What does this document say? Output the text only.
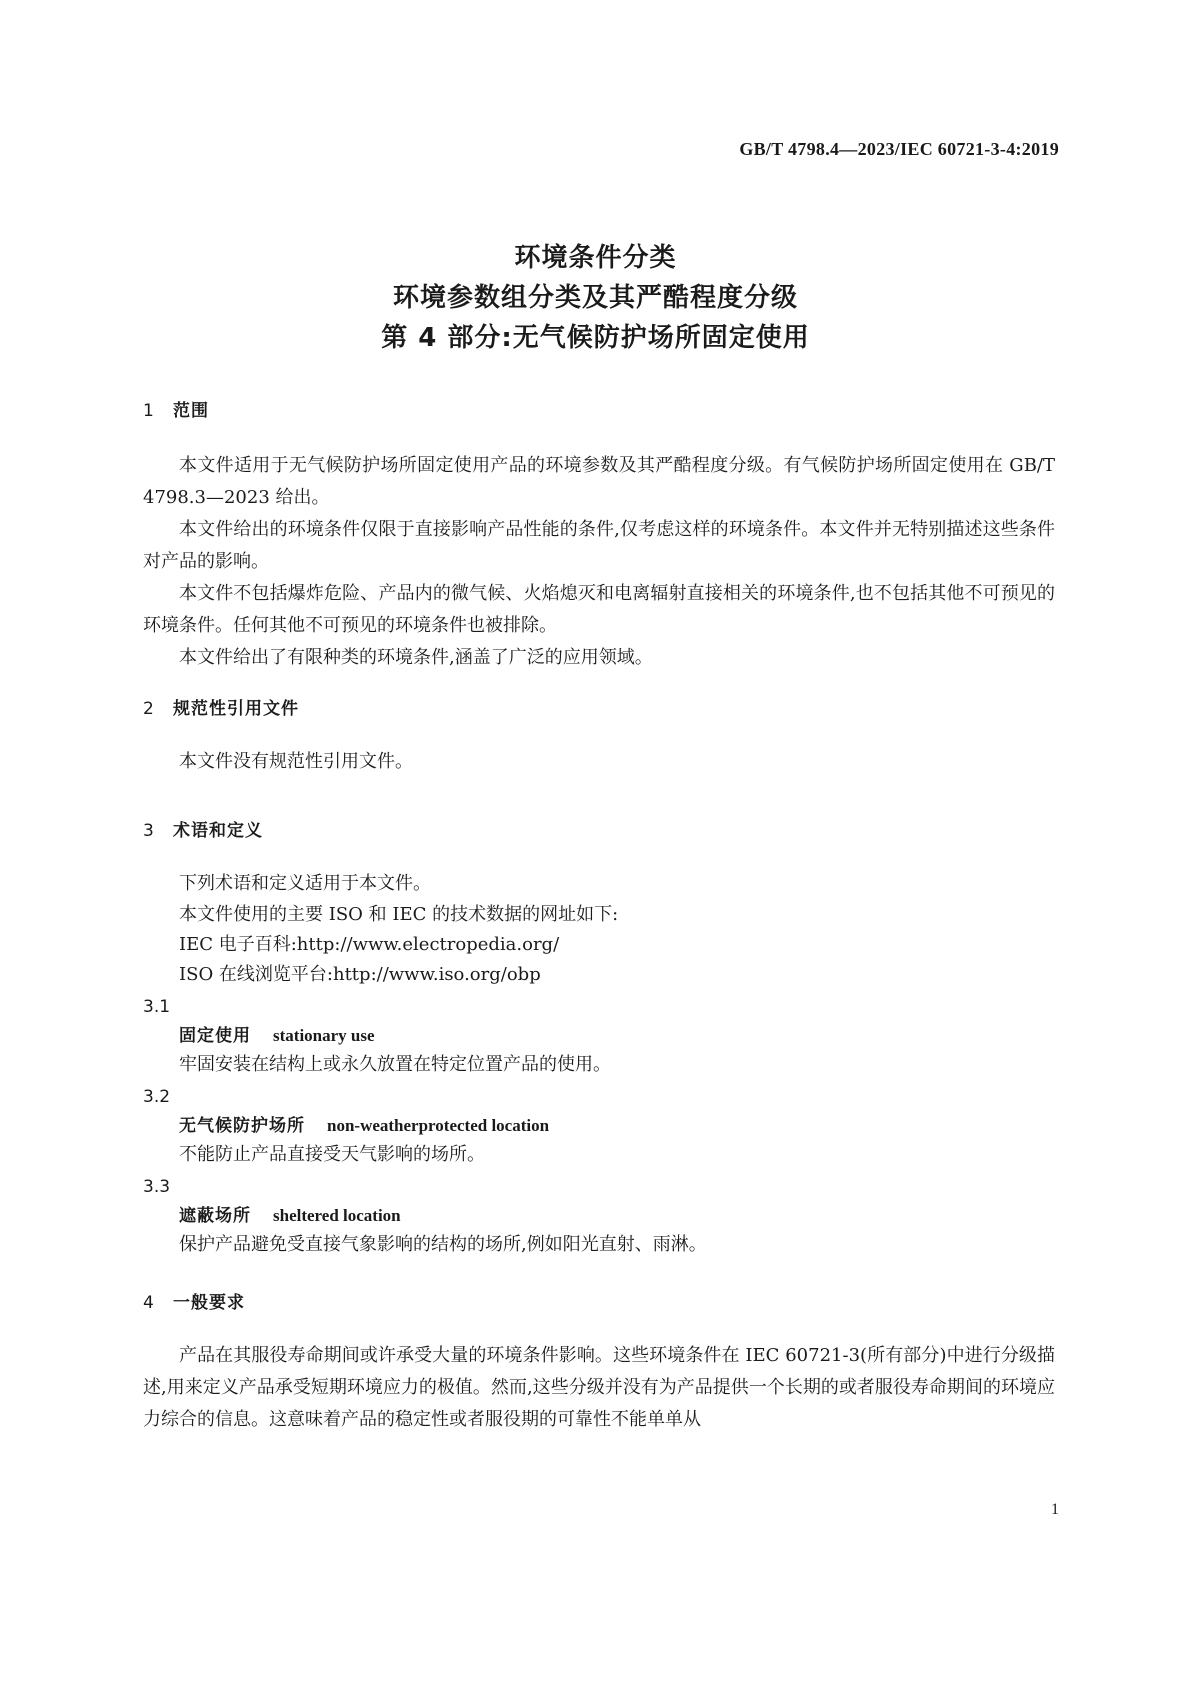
GB/T 4798.4—2023/IEC 60721-3-4:2019
环境条件分类
环境参数组分类及其严酷程度分级
第 4 部分:无气候防护场所固定使用
1 范围
本文件适用于无气候防护场所固定使用产品的环境参数及其严酷程度分级。有气候防护场所固定使用在 GB/T 4798.3—2023 给出。
本文件给出的环境条件仅限于直接影响产品性能的条件,仅考虑这样的环境条件。本文件并无特别描述这些条件对产品的影响。
本文件不包括爆炸危险、产品内的微气候、火焰熄灭和电离辐射直接相关的环境条件,也不包括其他不可预见的环境条件。任何其他不可预见的环境条件也被排除。
本文件给出了有限种类的环境条件,涵盖了广泛的应用领域。
2 规范性引用文件
本文件没有规范性引用文件。
3 术语和定义
下列术语和定义适用于本文件。
本文件使用的主要 ISO 和 IEC 的技术数据的网址如下:
IEC 电子百科:http://www.electropedia.org/
ISO 在线浏览平台:http://www.iso.org/obp
3.1
固定使用 stationary use
牢固安装在结构上或永久放置在特定位置产品的使用。
3.2
无气候防护场所 non-weatherprotected location
不能防止产品直接受天气影响的场所。
3.3
遮蔽场所 sheltered location
保护产品避免受直接气象影响的结构的场所,例如阳光直射、雨淋。
4 一般要求
产品在其服役寿命期间或许承受大量的环境条件影响。这些环境条件在 IEC 60721-3(所有部分)中进行分级描述,用来定义产品承受短期环境应力的极值。然而,这些分级并没有为产品提供一个长期的或者服役寿命期间的环境应力综合的信息。这意味着产品的稳定性或者服役期的可靠性不能单单从
1
